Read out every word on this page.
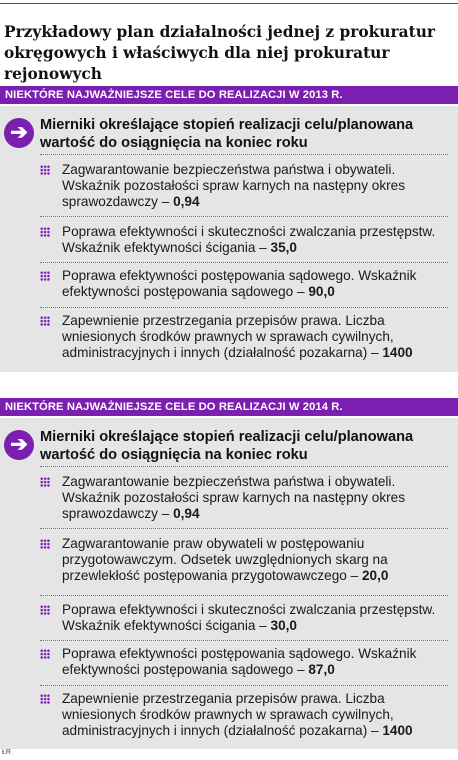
Przykładowy plan działalności jednej z prokuratur okręgowych i właściwych dla niej prokuratur rejonowych
NIEKTÓRE NAJWAŻNIEJSZE CELE DO REALIZACJI W 2013 R.
➔ Mierniki określające stopień realizacji celu/planowana wartość do osiągnięcia na koniec roku
Zagwarantowanie bezpieczeństwa państwa i obywateli. Wskaźnik pozostałości spraw karnych na następny okres sprawozdawczy – 0,94
Poprawa efektywności i skuteczności zwalczania przestępstw. Wskaźnik efektywności ścigania – 35,0
Poprawa efektywności postępowania sądowego. Wskaźnik efektywności postępowania sądowego – 90,0
Zapewnienie przestrzegania przepisów prawa. Liczba wniesionych środków prawnych w sprawach cywilnych, administracyjnych i innych (działalność pozakarna) – 1400
NIEKTÓRE NAJWAŻNIEJSZE CELE DO REALIZACJI W 2014 R.
➔ Mierniki określające stopień realizacji celu/planowana wartość do osiągnięcia na koniec roku
Zagwarantowanie bezpieczeństwa państwa i obywateli. Wskaźnik pozostałości spraw karnych na następny okres sprawozdawczy – 0,94
Zagwarantowanie praw obywateli w postępowaniu przygotowawczym. Odsetek uwzględnionych skarg na przewlekłość postępowania przygotowawczego – 20,0
Poprawa efektywności i skuteczności zwalczania przestępstw. Wskaźnik efektywności ścigania – 30,0
Poprawa efektywności postępowania sądowego. Wskaźnik efektywności postępowania sądowego – 87,0
Zapewnienie przestrzegania przepisów prawa. Liczba wniesionych środków prawnych w sprawach cywilnych, administracyjnych i innych (działalność pozakarna) – 1400
ŁR
